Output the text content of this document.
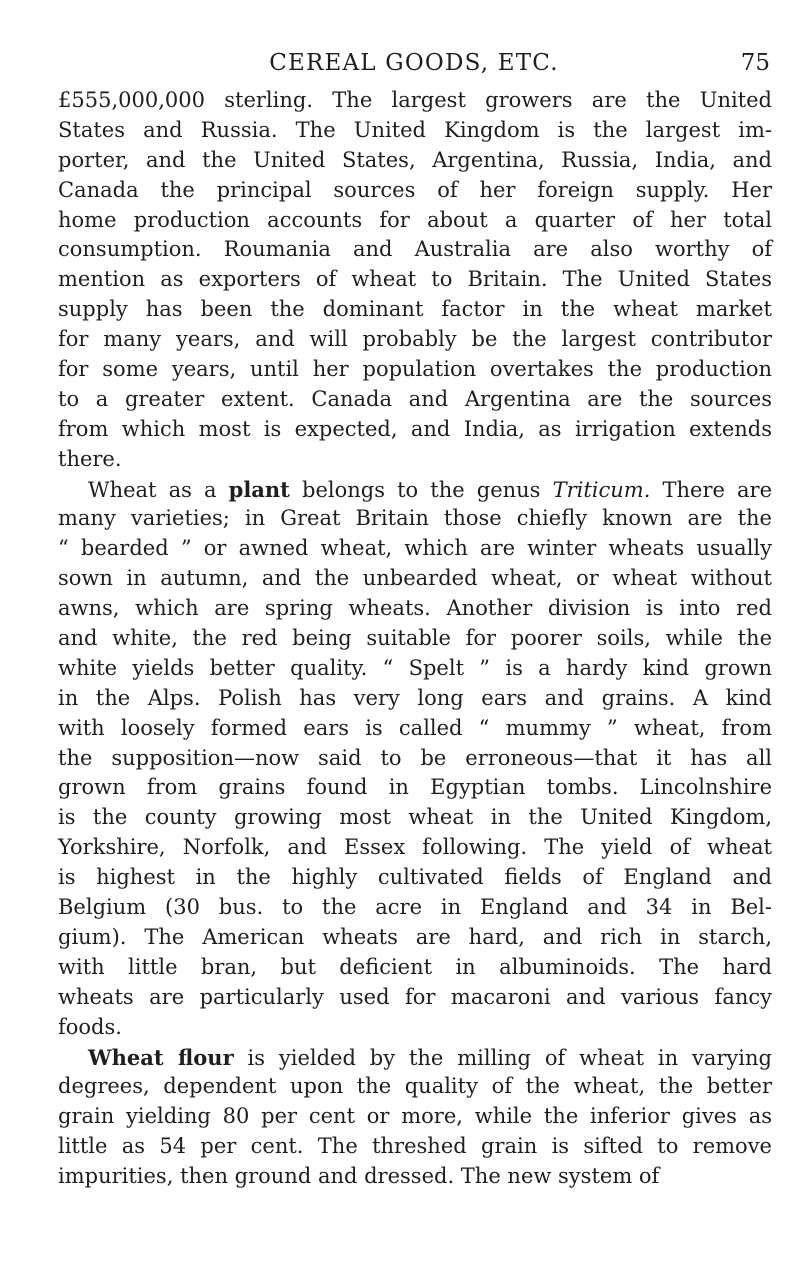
CEREAL GOODS, ETC.	75
£555,000,000 sterling. The largest growers are the United
States and Russia. The United Kingdom is the largest im-
porter, and the United States, Argentina, Russia, India, and
Canada the principal sources of her foreign supply. Her
home production accounts for about a quarter of her total
consumption. Roumania and Australia are also worthy of
mention as exporters of wheat to Britain. The United States
supply has been the dominant factor in the wheat market
for many years, and will probably be the largest contributor
for some years, until her population overtakes the production
to a greater extent. Canada and Argentina are the sources
from which most is expected, and India, as irrigation extends
there.
Wheat as a plant belongs to the genus Triticum. There are
many varieties; in Great Britain those chiefly known are the
“ bearded ” or awned wheat, which are winter wheats usually
sown in autumn, and the unbearded wheat, or wheat without
awns, which are spring wheats. Another division is into red
and white, the red being suitable for poorer soils, while the
white yields better quality. “ Spelt ” is a hardy kind grown
in the Alps. Polish has very long ears and grains. A kind
with loosely formed ears is called “ mummy ” wheat, from
the supposition—now said to be erroneous—that it has all
grown from grains found in Egyptian tombs. Lincolnshire
is the county growing most wheat in the United Kingdom,
Yorkshire, Norfolk, and Essex following. The yield of wheat
is highest in the highly cultivated fields of England and
Belgium (30 bus. to the acre in England and 34 in Bel-
gium). The American wheats are hard, and rich in starch,
with little bran, but deficient in albuminoids. The hard
wheats are particularly used for macaroni and various fancy
foods.
Wheat flour is yielded by the milling of wheat in varying
degrees, dependent upon the quality of the wheat, the better
grain yielding 80 per cent or more, while the inferior gives as
little as 54 per cent. The threshed grain is sifted to remove
impurities, then ground and dressed. The new system of
